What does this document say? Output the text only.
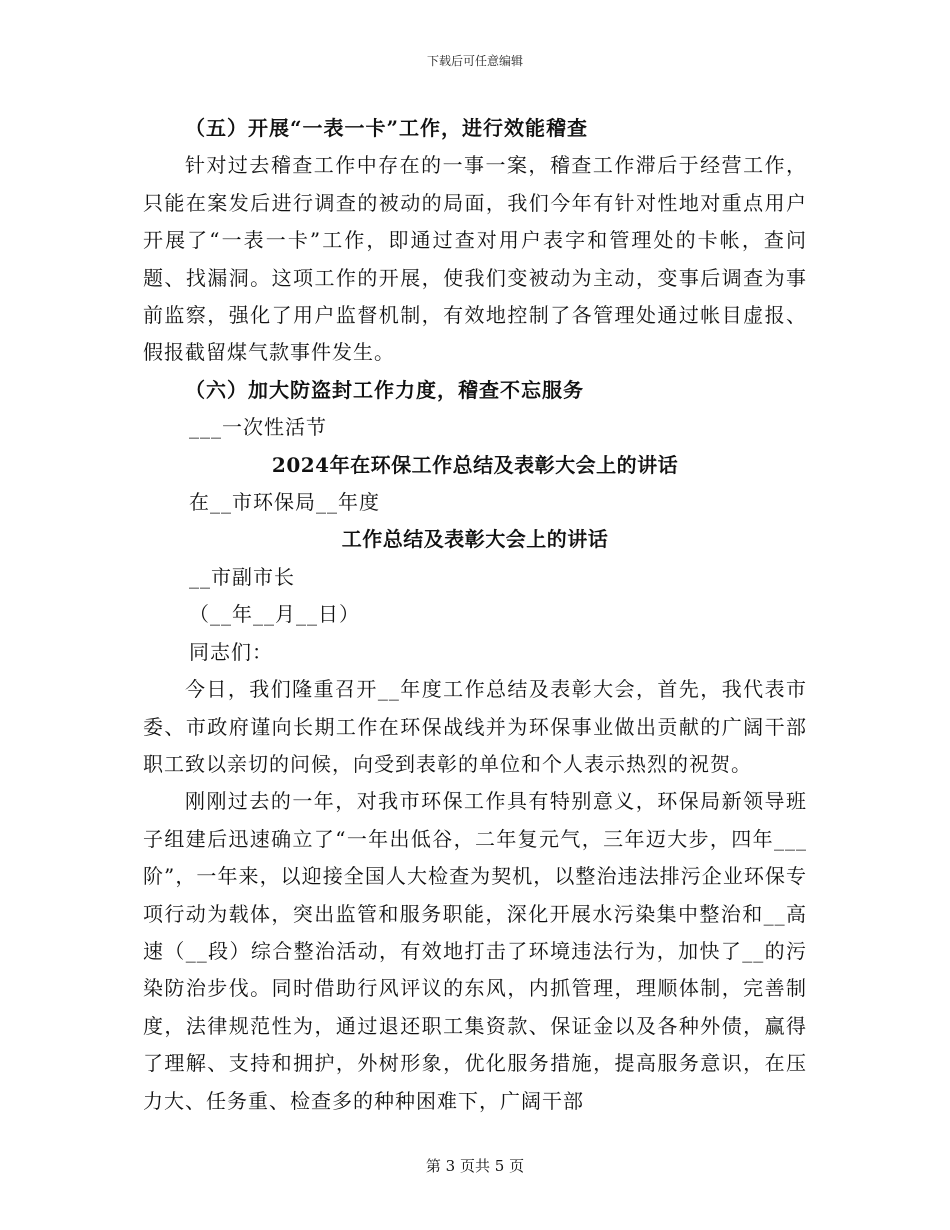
下载后可任意编辑

（五）开展“一表一卡”工作，进行效能稽查

针对过去稽查工作中存在的一事一案，稽查工作滞后于经营工作，只能在案发后进行调查的被动的局面，我们今年有针对性地对重点用户开展了“一表一卡”工作，即通过查对用户表字和管理处的卡帐，查问题、找漏洞。这项工作的开展，使我们变被动为主动，变事后调查为事前监察，强化了用户监督机制，有效地控制了各管理处通过帐目虚报、假报截留煤气款事件发生。

（六）加大防盗封工作力度，稽查不忘服务

___一次性活节

2024年在环保工作总结及表彰大会上的讲话

在__市环保局__年度

工作总结及表彰大会上的讲话

__市副市长

（__年__月__日）

同志们：

今日，我们隆重召开__年度工作总结及表彰大会，首先，我代表市委、市政府谨向长期工作在环保战线并为环保事业做出贡献的广阔干部职工致以亲切的问候，向受到表彰的单位和个人表示热烈的祝贺。

刚刚过去的一年，对我市环保工作具有特别意义，环保局新领导班子组建后迅速确立了“一年出低谷，二年复元气，三年迈大步，四年___阶”，一年来，以迎接全国人大检查为契机，以整治违法排污企业环保专项行动为载体，突出监管和服务职能，深化开展水污染集中整治和__高速（__段）综合整治活动，有效地打击了环境违法行为，加快了__的污染防治步伐。同时借助行风评议的东风，内抓管理，理顺体制，完善制度，法律规范性为，通过退还职工集资款、保证金以及各种外债，赢得了理解、支持和拥护，外树形象，优化服务措施，提高服务意识，在压力大、任务重、检查多的种种困难下，广阔干部

第 3 页共 5 页
